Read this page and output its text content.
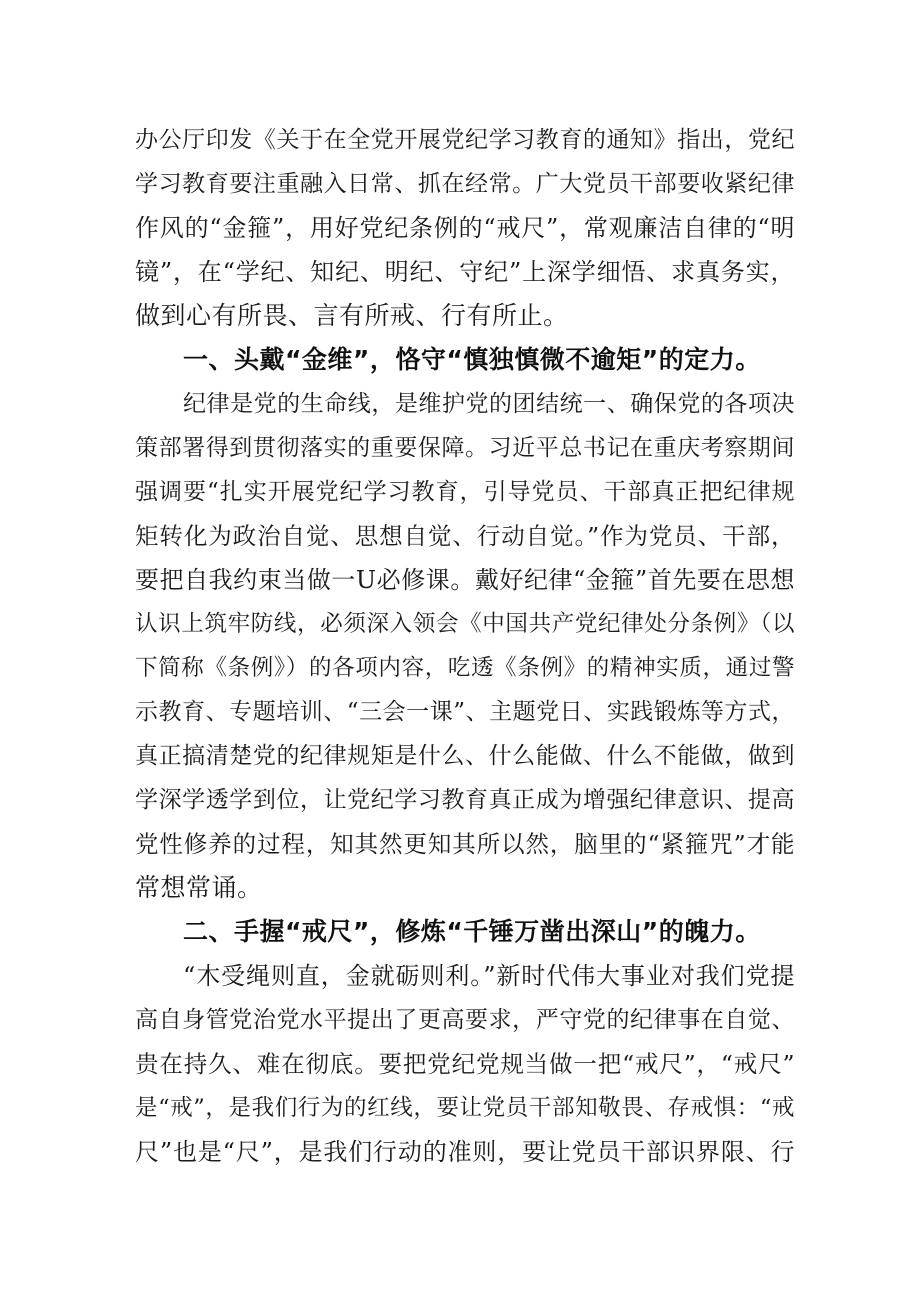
办公厅印发《关于在全党开展党纪学习教育的通知》指出，党纪
学习教育要注重融入日常、抓在经常。广大党员干部要收紧纪律
作风的“金箍”，用好党纪条例的“戒尺”，常观廉洁自律的“明
镜”，在“学纪、知纪、明纪、守纪”上深学细悟、求真务实，
做到心有所畏、言有所戒、行有所止。
一、头戴“金维”，恪守“慎独慎微不逾矩”的定力。
纪律是党的生命线，是维护党的团结统一、确保党的各项决
策部署得到贯彻落实的重要保障。习近平总书记在重庆考察期间
强调要“扎实开展党纪学习教育，引导党员、干部真正把纪律规
矩转化为政治自觉、思想自觉、行动自觉。”作为党员、干部，
要把自我约束当做一U必修课。戴好纪律“金箍”首先要在思想
认识上筑牢防线，必须深入领会《中国共产党纪律处分条例》（以
下简称《条例》）的各项内容，吃透《条例》的精神实质，通过警
示教育、专题培训、“三会一课”、主题党日、实践锻炼等方式，
真正搞清楚党的纪律规矩是什么、什么能做、什么不能做，做到
学深学透学到位，让党纪学习教育真正成为增强纪律意识、提高
党性修养的过程，知其然更知其所以然，脑里的“紧箍咒”才能
常想常诵。
二、手握“戒尺”，修炼“千锤万凿出深山”的魄力。
“木受绳则直，金就砺则利。”新时代伟大事业对我们党提
高自身管党治党水平提出了更高要求，严守党的纪律事在自觉、
贵在持久、难在彻底。要把党纪党规当做一把“戒尺”，“戒尺”
是“戒”，是我们行为的红线，要让党员干部知敬畏、存戒惧：“戒
尺”也是“尺”，是我们行动的准则，要让党员干部识界限、行
